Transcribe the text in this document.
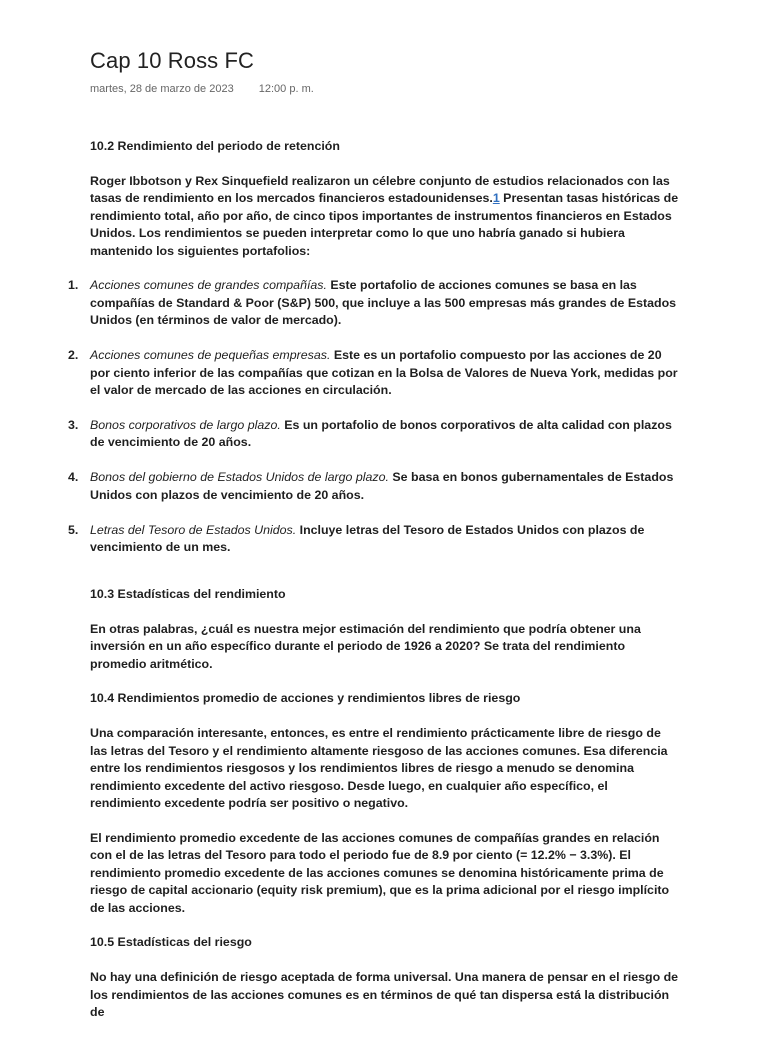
Cap 10 Ross FC
martes, 28 de marzo de 2023 12:00 p. m.
10.2 Rendimiento del periodo de retención

Roger Ibbotson y Rex Sinquefield realizaron un célebre conjunto de estudios relacionados con las tasas de rendimiento en los mercados financieros estadounidenses.1 Presentan tasas históricas de rendimiento total, año por año, de cinco tipos importantes de instrumentos financieros en Estados Unidos. Los rendimientos se pueden interpretar como lo que uno habría ganado si hubiera mantenido los siguientes portafolios:

1. Acciones comunes de grandes compañías. Este portafolio de acciones comunes se basa en las compañías de Standard & Poor (S&P) 500, que incluye a las 500 empresas más grandes de Estados Unidos (en términos de valor de mercado).
2. Acciones comunes de pequeñas empresas. Este es un portafolio compuesto por las acciones de 20 por ciento inferior de las compañías que cotizan en la Bolsa de Valores de Nueva York, medidas por el valor de mercado de las acciones en circulación.
3. Bonos corporativos de largo plazo. Es un portafolio de bonos corporativos de alta calidad con plazos de vencimiento de 20 años.
4. Bonos del gobierno de Estados Unidos de largo plazo. Se basa en bonos gubernamentales de Estados Unidos con plazos de vencimiento de 20 años.
5. Letras del Tesoro de Estados Unidos. Incluye letras del Tesoro de Estados Unidos con plazos de vencimiento de un mes.
10.3 Estadísticas del rendimiento

En otras palabras, ¿cuál es nuestra mejor estimación del rendimiento que podría obtener una inversión en un año específico durante el periodo de 1926 a 2020? Se trata del rendimiento promedio aritmético.

10.4 Rendimientos promedio de acciones y rendimientos libres de riesgo

Una comparación interesante, entonces, es entre el rendimiento prácticamente libre de riesgo de las letras del Tesoro y el rendimiento altamente riesgoso de las acciones comunes. Esa diferencia entre los rendimientos riesgosos y los rendimientos libres de riesgo a menudo se denomina rendimiento excedente del activo riesgoso. Desde luego, en cualquier año específico, el rendimiento excedente podría ser positivo o negativo.

El rendimiento promedio excedente de las acciones comunes de compañías grandes en relación con el de las letras del Tesoro para todo el periodo fue de 8.9 por ciento (= 12.2% − 3.3%). El rendimiento promedio excedente de las acciones comunes se denomina históricamente prima de riesgo de capital accionario (equity risk premium), que es la prima adicional por el riesgo implícito de las acciones.

10.5 Estadísticas del riesgo

No hay una definición de riesgo aceptada de forma universal. Una manera de pensar en el riesgo de los rendimientos de las acciones comunes es en términos de qué tan dispersa está la distribución de
